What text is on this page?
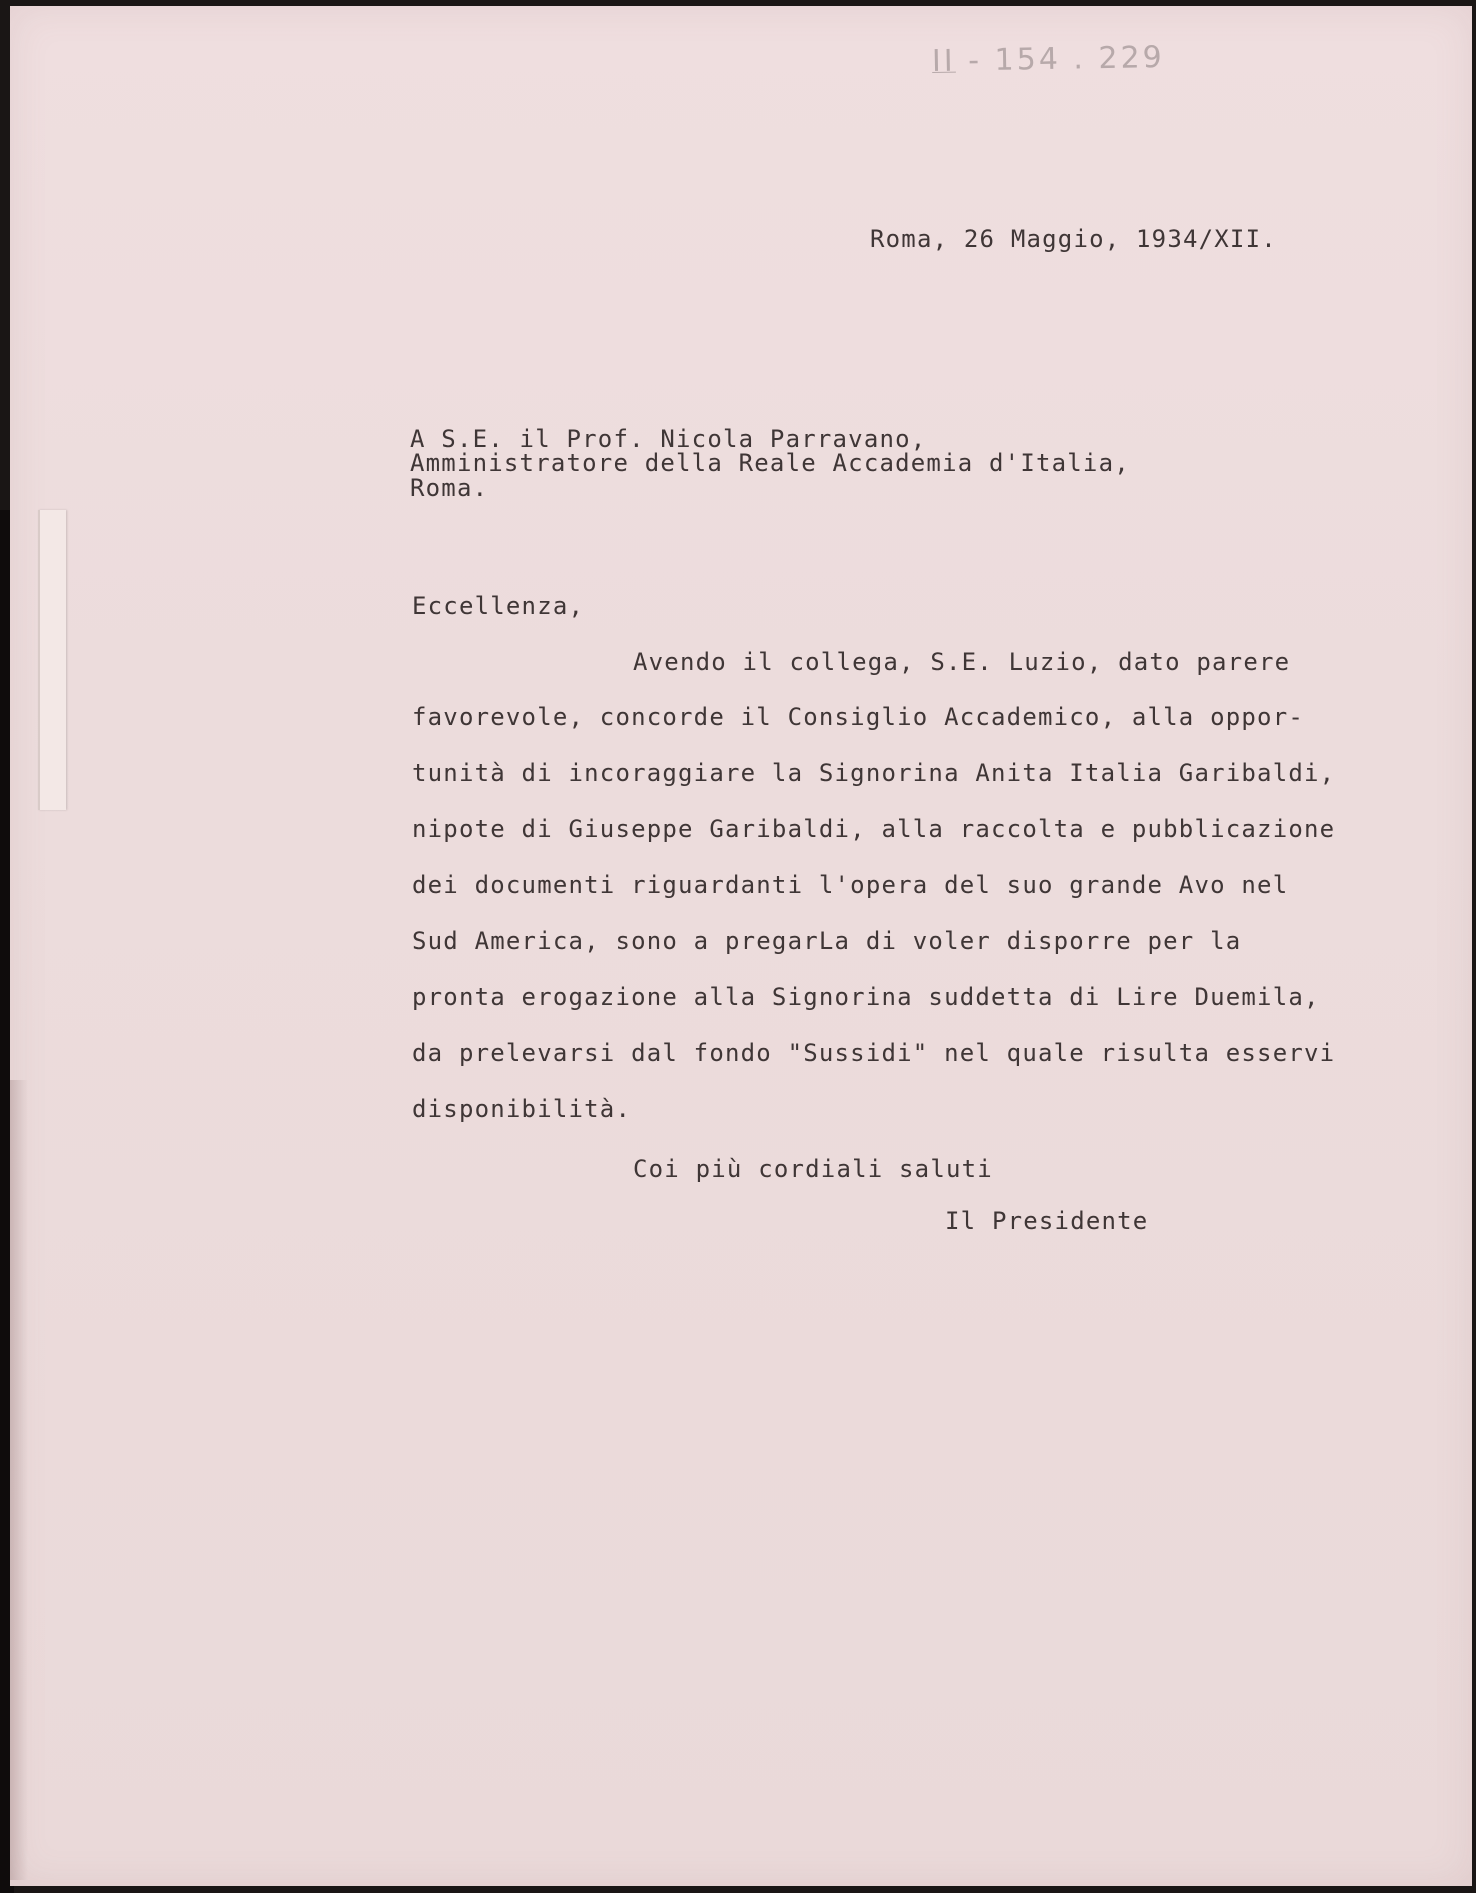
II - 154 . 229
Roma, 26 Maggio, 1934/XII.
A S.E. il Prof. Nicola Parravano,
Amministratore della Reale Accademia d'Italia,
Roma.
Eccellenza,
Avendo il collega, S.E. Luzio, dato parere
favorevole, concorde il Consiglio Accademico, alla oppor-
tunità di incoraggiare la Signorina Anita Italia Garibaldi,
nipote di Giuseppe Garibaldi, alla raccolta e pubblicazione
dei documenti riguardanti l'opera del suo grande Avo nel
Sud America, sono a pregarLa di voler disporre per la
pronta erogazione alla Signorina suddetta di Lire Duemila,
da prelevarsi dal fondo "Sussidi" nel quale risulta esservi
disponibilità.
Coi più cordiali saluti
Il Presidente
